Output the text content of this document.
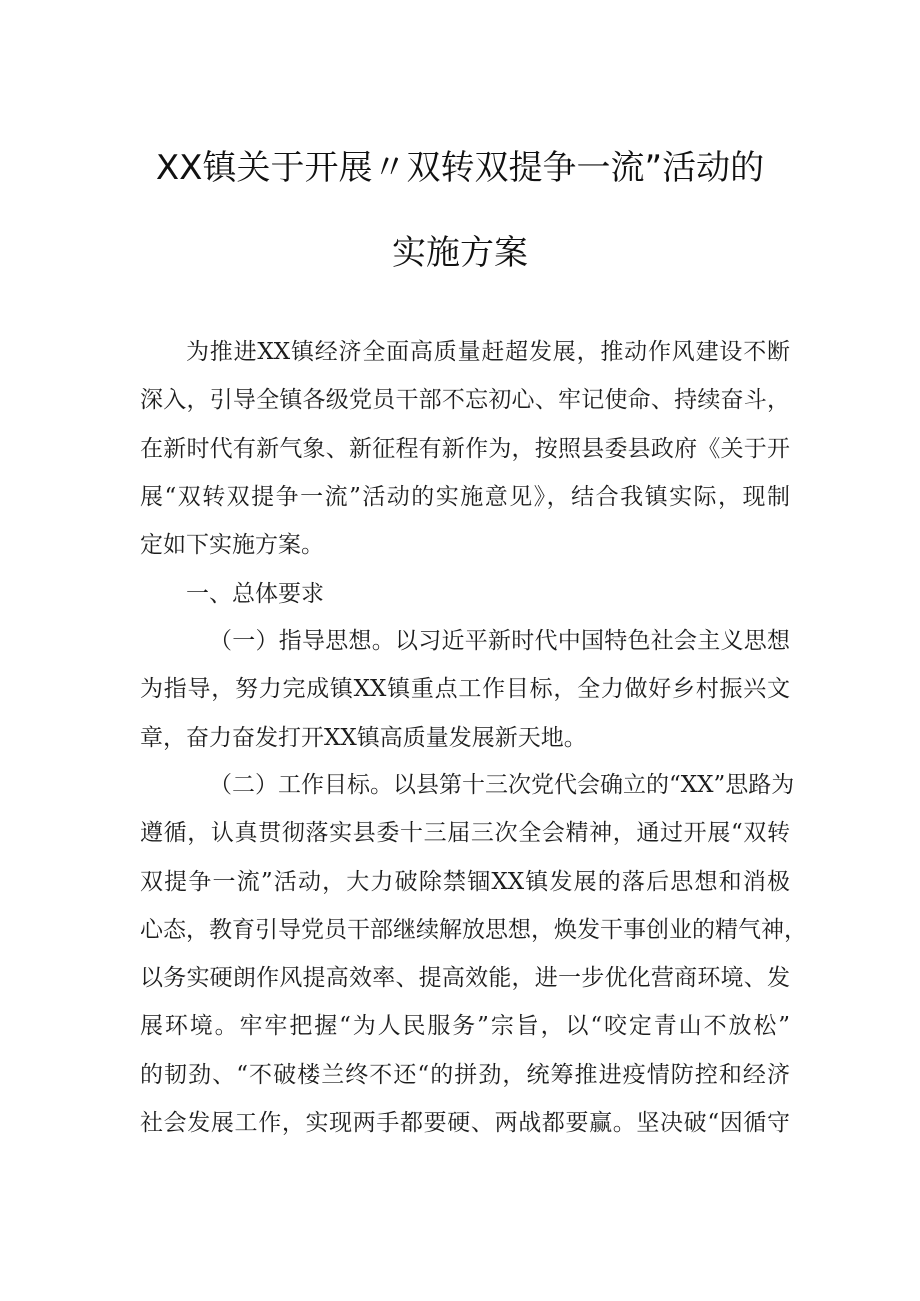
XX镇关于开展〃双转双提争一流”活动的
实施方案
为推进XX镇经济全面高质量赶超发展，推动作风建设不断
深入，引导全镇各级党员干部不忘初心、牢记使命、持续奋斗，
在新时代有新气象、新征程有新作为，按照县委县政府《关于开
展“双转双提争一流”活动的实施意见》，结合我镇实际，现制
定如下实施方案。
一、总体要求
（一）指导思想。以习近平新时代中国特色社会主义思想
为指导，努力完成镇XX镇重点工作目标，全力做好乡村振兴文
章，奋力奋发打开XX镇高质量发展新天地。
（二）工作目标。以县第十三次党代会确立的“XX”思路为
遵循，认真贯彻落实县委十三届三次全会精神，通过开展“双转
双提争一流”活动，大力破除禁锢XX镇发展的落后思想和消极
心态，教育引导党员干部继续解放思想，焕发干事创业的精气神，
以务实硬朗作风提高效率、提高效能，进一步优化营商环境、发
展环境。牢牢把握“为人民服务”宗旨，以“咬定青山不放松”
的韧劲、“不破楼兰终不还“的拼劲，统筹推进疫情防控和经济
社会发展工作，实现两手都要硬、两战都要赢。坚决破“因循守
